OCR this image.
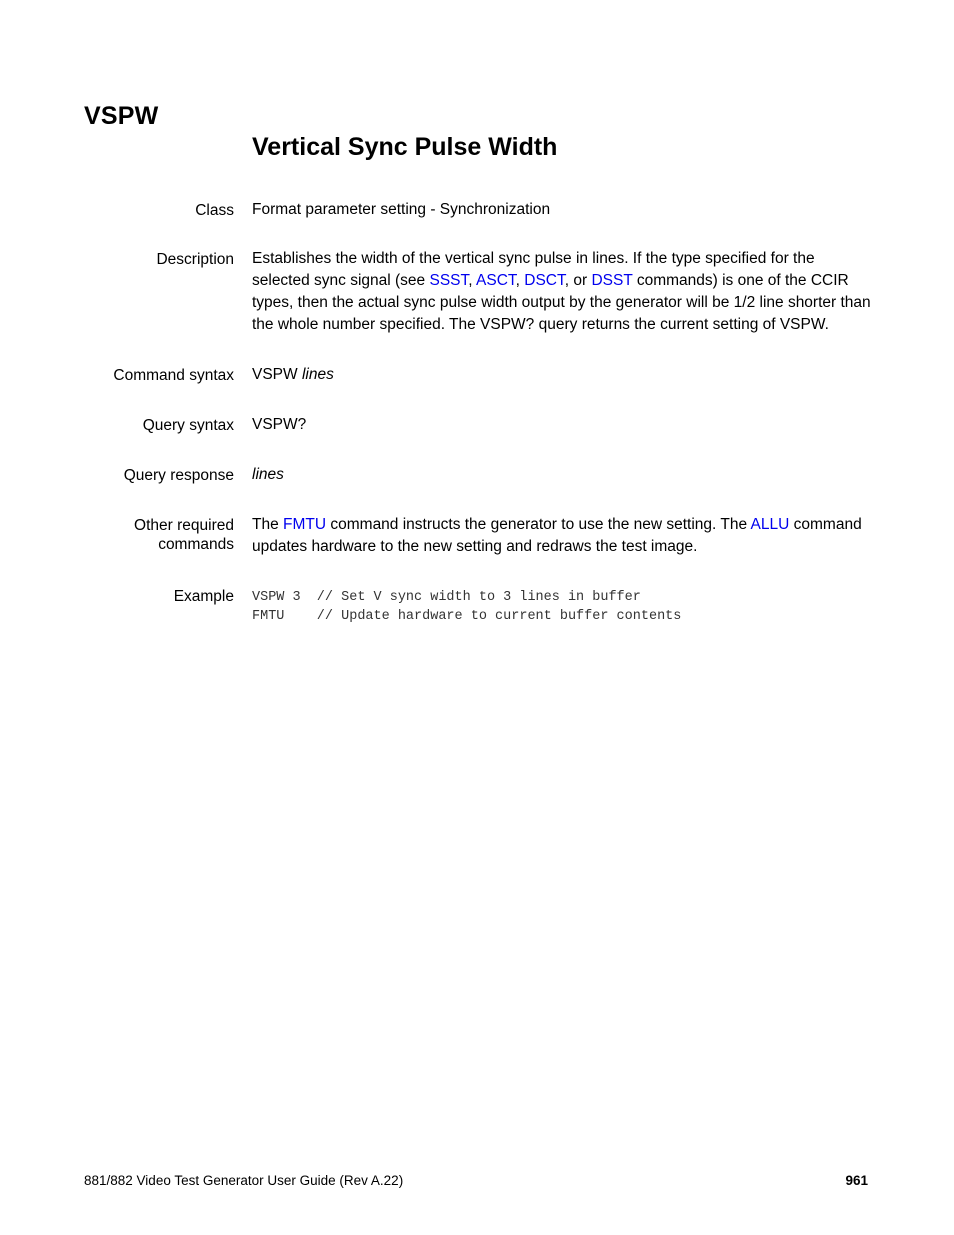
VSPW
Vertical Sync Pulse Width
Class Format parameter setting - Synchronization
Description Establishes the width of the vertical sync pulse in lines. If the type specified for the selected sync signal (see SSST, ASCT, DSCT, or DSST commands) is one of the CCIR types, then the actual sync pulse width output by the generator will be 1/2 line shorter than the whole number specified. The VSPW? query returns the current setting of VSPW.
Command syntax VSPW lines
Query syntax VSPW?
Query response lines
Other required
commands
The FMTU command instructs the generator to use the new setting. The ALLU command updates hardware to the new setting and redraws the test image.
Example VSPW 3  // Set V sync width to 3 lines in buffer
FMTU    // Update hardware to current buffer contents
881/882 Video Test Generator User Guide (Rev A.22)	961
